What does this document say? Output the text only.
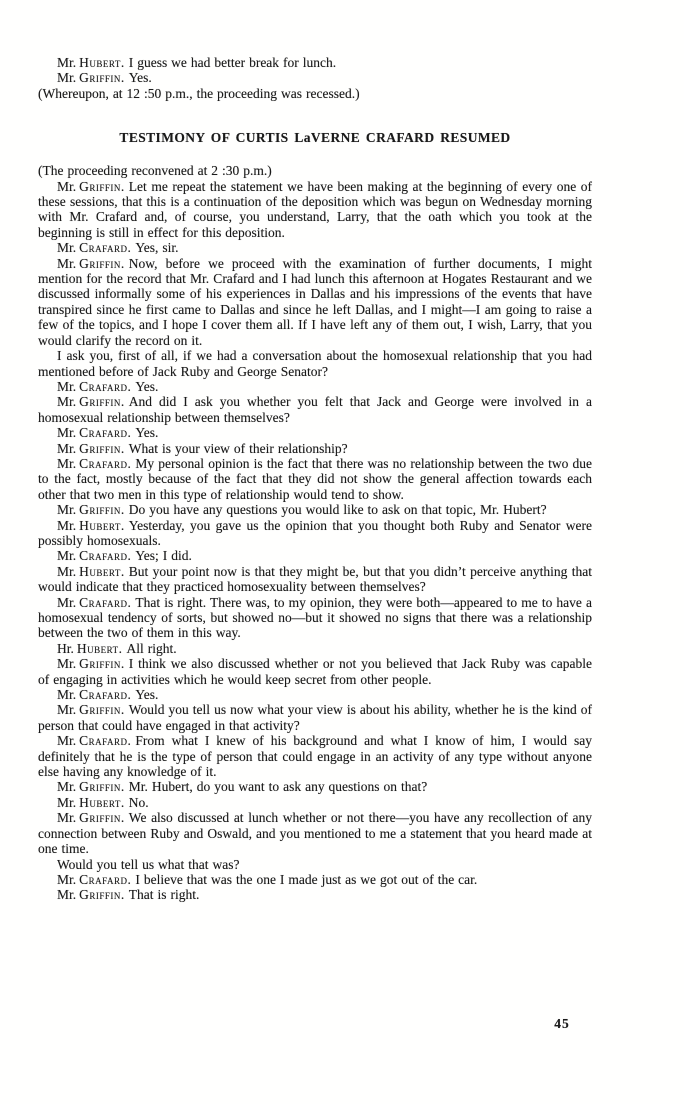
Mr. Hubert. I guess we had better break for lunch.

Mr. Griffin. Yes.

(Whereupon, at 12 :50 p.m., the proceeding was recessed.)

TESTIMONY OF CURTIS LaVERNE CRAFARD RESUMED

(The proceeding reconvened at 2 :30 p.m.)

Mr. Griffin. Let me repeat the statement we have been making at the beginning of every one of these sessions, that this is a continuation of the deposition which was begun on Wednesday morning with Mr. Crafard and, of course, you understand, Larry, that the oath which you took at the beginning is still in effect for this deposition.

Mr. Crafard. Yes, sir.

Mr. Griffin. Now, before we proceed with the examination of further documents, I might mention for the record that Mr. Crafard and I had lunch this afternoon at Hogates Restaurant and we discussed informally some of his experiences in Dallas and his impressions of the events that have transpired since he first came to Dallas and since he left Dallas, and I might—I am going to raise a few of the topics, and I hope I cover them all. If I have left any of them out, I wish, Larry, that you would clarify the record on it.

I ask you, first of all, if we had a conversation about the homosexual relationship that you had mentioned before of Jack Ruby and George Senator?

Mr. Crafard. Yes.

Mr. Griffin. And did I ask you whether you felt that Jack and George were involved in a homosexual relationship between themselves?

Mr. Crafard. Yes.

Mr. Griffin. What is your view of their relationship?

Mr. Crafard. My personal opinion is the fact that there was no relationship between the two due to the fact, mostly because of the fact that they did not show the general affection towards each other that two men in this type of relationship would tend to show.

Mr. Griffin. Do you have any questions you would like to ask on that topic, Mr. Hubert?

Mr. Hubert. Yesterday, you gave us the opinion that you thought both Ruby and Senator were possibly homosexuals.

Mr. Crafard. Yes; I did.

Mr. Hubert. But your point now is that they might be, but that you didn’t perceive anything that would indicate that they practiced homosexuality between themselves?

Mr. Crafard. That is right. There was, to my opinion, they were both—appeared to me to have a homosexual tendency of sorts, but showed no—but it showed no signs that there was a relationship between the two of them in this way.

Hr. Hubert. All right.

Mr. Griffin. I think we also discussed whether or not you believed that Jack Ruby was capable of engaging in activities which he would keep secret from other people.

Mr. Crafard. Yes.

Mr. Griffin. Would you tell us now what your view is about his ability, whether he is the kind of person that could have engaged in that activity?

Mr. Crafard. From what I knew of his background and what I know of him, I would say definitely that he is the type of person that could engage in an activity of any type without anyone else having any knowledge of it.

Mr. Griffin. Mr. Hubert, do you want to ask any questions on that?

Mr. Hubert. No.

Mr. Griffin. We also discussed at lunch whether or not there—you have any recollection of any connection between Ruby and Oswald, and you mentioned to me a statement that you heard made at one time.

Would you tell us what that was?

Mr. Crafard. I believe that was the one I made just as we got out of the car.

Mr. Griffin. That is right.

45
